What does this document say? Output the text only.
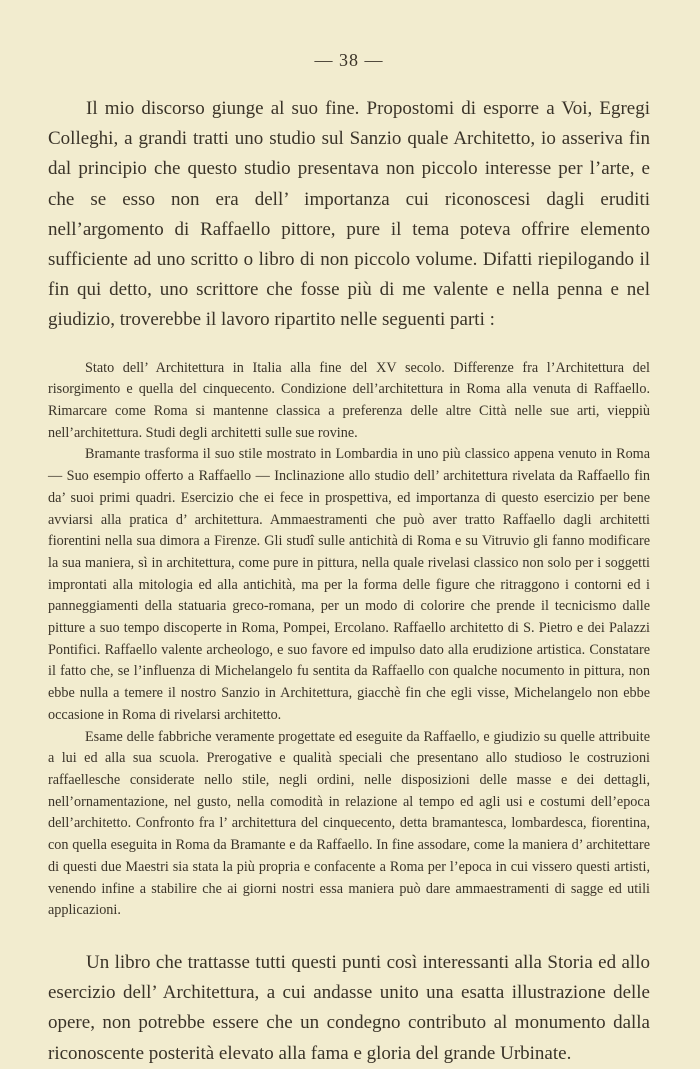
— 38 —

Il mio discorso giunge al suo fine. Propostomi di esporre a Voi, Egregi Colleghi, a grandi tratti uno studio sul Sanzio quale Architetto, io asseriva fin dal principio che questo studio presentava non piccolo interesse per l’arte, e che se esso non era dell’ importanza cui riconoscesi dagli eruditi nell’argomento di Raffaello pittore, pure il tema poteva offrire elemento sufficiente ad uno scritto o libro di non piccolo volume. Difatti riepilogando il fin qui detto, uno scrittore che fosse più di me valente e nella penna e nel giudizio, troverebbe il lavoro ripartito nelle seguenti parti :

Stato dell’ Architettura in Italia alla fine del XV secolo. Differenze fra l’Architettura del risorgimento e quella del cinquecento. Condizione dell’architettura in Roma alla venuta di Raffaello. Rimarcare come Roma si mantenne classica a preferenza delle altre Città nelle sue arti, vieppiù nell’architettura. Studi degli architetti sulle sue rovine.

Bramante trasforma il suo stile mostrato in Lombardia in uno più classico appena venuto in Roma — Suo esempio offerto a Raffaello — Inclinazione allo studio dell’ architettura rivelata da Raffaello fin da’ suoi primi quadri. Esercizio che ei fece in prospettiva, ed importanza di questo esercizio per bene avviarsi alla pratica d’ architettura. Ammaestramenti che può aver tratto Raffaello dagli architetti fiorentini nella sua dimora a Firenze. Gli studî sulle antichità di Roma e su Vitruvio gli fanno modificare la sua maniera, sì in architettura, come pure in pittura, nella quale rivelasi classico non solo per i soggetti improntati alla mitologia ed alla antichità, ma per la forma delle figure che ritraggono i contorni ed i panneggiamenti della statuaria greco-romana, per un modo di colorire che prende il tecnicismo dalle pitture a suo tempo discoperte in Roma, Pompei, Ercolano. Raffaello architetto di S. Pietro e dei Palazzi Pontifici. Raffaello valente archeologo, e suo favore ed impulso dato alla erudizione artistica. Constatare il fatto che, se l’influenza di Michelangelo fu sentita da Raffaello con qualche nocumento in pittura, non ebbe nulla a temere il nostro Sanzio in Architettura, giacchè fin che egli visse, Michelangelo non ebbe occasione in Roma di rivelarsi architetto.

Esame delle fabbriche veramente progettate ed eseguite da Raffaello, e giudizio su quelle attribuite a lui ed alla sua scuola. Prerogative e qualità speciali che presentano allo studioso le costruzioni raffaellesche considerate nello stile, negli ordini, nelle disposizioni delle masse e dei dettagli, nell’ornamentazione, nel gusto, nella comodità in relazione al tempo ed agli usi e costumi dell’epoca dell’architetto. Confronto fra l’ architettura del cinquecento, detta bramantesca, lombardesca, fiorentina, con quella eseguita in Roma da Bramante e da Raffaello. In fine assodare, come la maniera d’ architettare di questi due Maestri sia stata la più propria e confacente a Roma per l’epoca in cui vissero questi artisti, venendo infine a stabilire che ai giorni nostri essa maniera può dare ammaestramenti di sagge ed utili applicazioni.

Un libro che trattasse tutti questi punti così interessanti alla Storia ed allo esercizio dell’ Architettura, a cui andasse unito una esatta illustrazione delle opere, non potrebbe essere che un condegno contributo al monumento dalla riconoscente posterità elevato alla fama e gloria del grande Urbinate.
